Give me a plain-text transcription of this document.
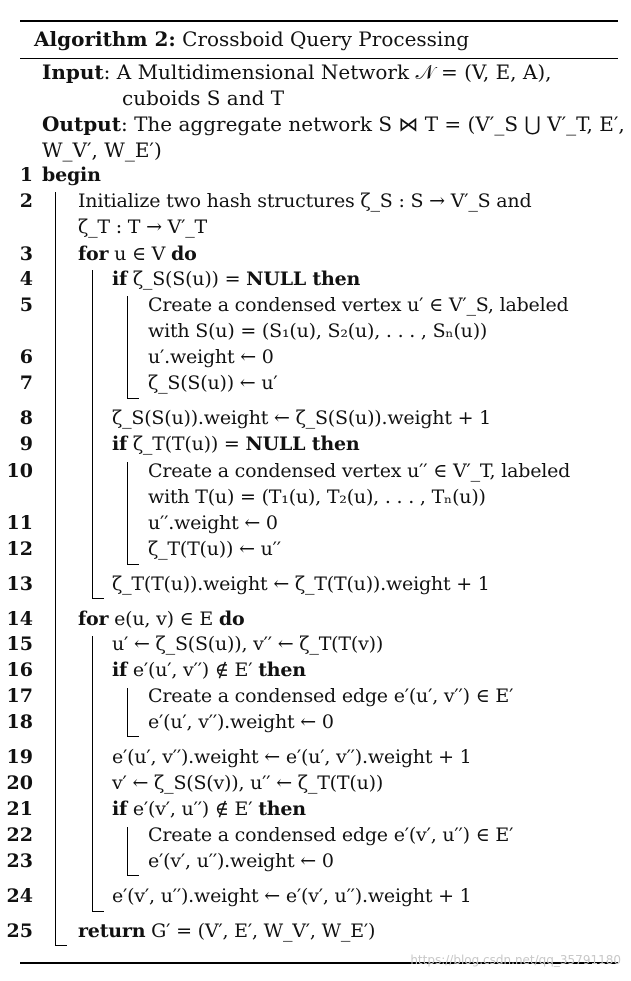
Algorithm 2: Crossboid Query Processing
Input: A Multidimensional Network 𝒩 = (V, E, A),
cuboids S and T
Output: The aggregate network S ⋈ T = (V′_S ⋃ V′_T, E′,
W_V′, W_E′)
1 begin
2 Initialize two hash structures ζ_S : S → V′_S and
ζ_T : T → V′_T
3 for u ∈ V do
4	if ζ_S(S(u)) = NULL then
5	Create a condensed vertex u′ ∈ V′_S, labeled
with S(u) = (S₁(u), S₂(u), . . . , Sₙ(u))
6	u′.weight ← 0
7	ζ_S(S(u)) ← u′
8	ζ_S(S(u)).weight ← ζ_S(S(u)).weight + 1
9	if ζ_T(T(u)) = NULL then
10	Create a condensed vertex u′′ ∈ V′_T, labeled
with T(u) = (T₁(u), T₂(u), . . . , Tₙ(u))
11	u′′.weight ← 0
12	ζ_T(T(u)) ← u′′
13	ζ_T(T(u)).weight ← ζ_T(T(u)).weight + 1
14 for e(u, v) ∈ E do
15	u′ ← ζ_S(S(u)), v′′ ← ζ_T(T(v))
16	if e′(u′, v′′) ∉ E′ then
17	Create a condensed edge e′(u′, v′′) ∈ E′
18	e′(u′, v′′).weight ← 0
19	e′(u′, v′′).weight ← e′(u′, v′′).weight + 1
20	v′ ← ζ_S(S(v)), u′′ ← ζ_T(T(u))
21	if e′(v′, u′′) ∉ E′ then
22	Create a condensed edge e′(v′, u′′) ∈ E′
23	e′(v′, u′′).weight ← 0
24	e′(v′, u′′).weight ← e′(v′, u′′).weight + 1
25 return G′ = (V′, E′, W_V′, W_E′)
https://blog.csdn.net/qq_35791180
